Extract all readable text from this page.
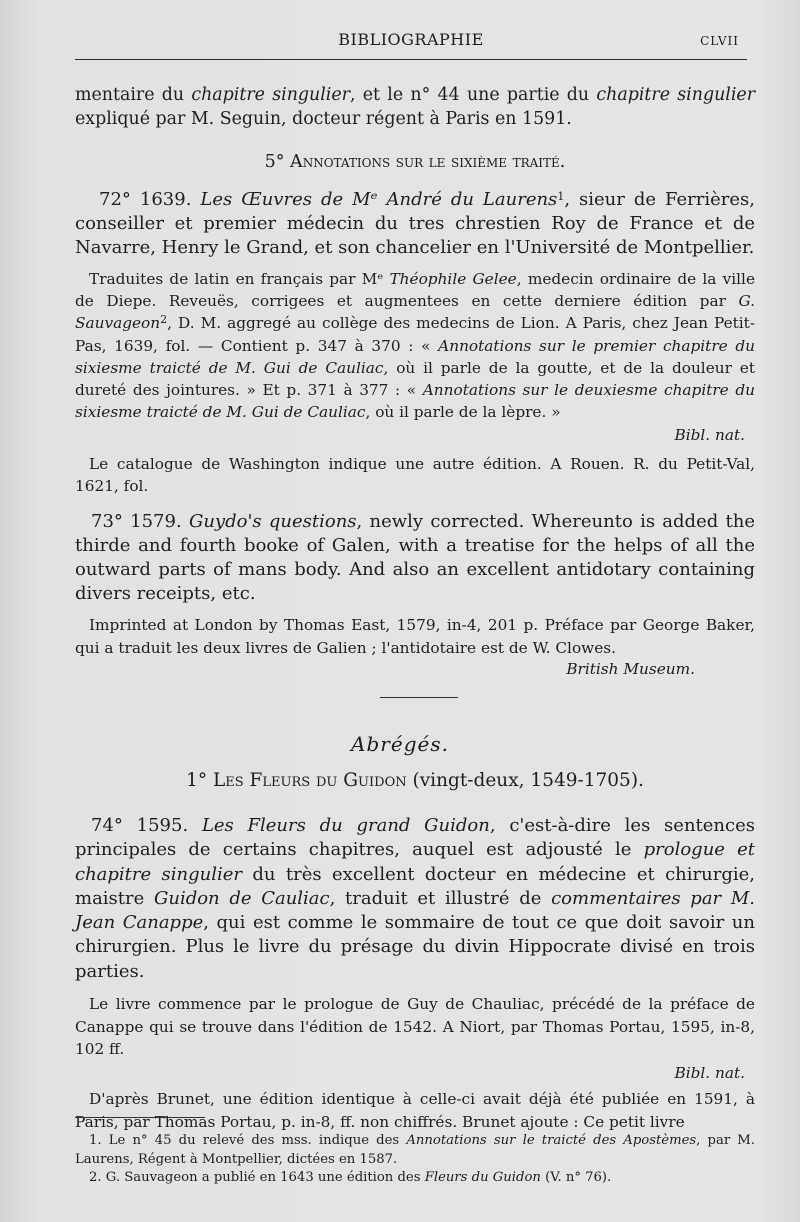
BIBLIOGRAPHIE	CLVII

mentaire du chapitre singulier, et le n° 44 une partie du chapitre singulier expliqué par M. Seguin, docteur régent à Paris en 1591.

5° Annotations sur le sixième traité.

72° 1639. Les Œuvres de Mᵉ André du Laurens$^1$, sieur de Ferrières, conseiller et premier médecin du tres chrestien Roy de France et de Navarre, Henry le Grand, et son chancelier en l'Université de Montpellier.

Traduites de latin en français par Mᵉ Théophile Gelee, medecin ordinaire de la ville de Diepe. Reveuës, corrigees et augmentees en cette derniere édition par G. Sauvageon$^2$, D. M. aggregé au collège des medecins de Lion. A Paris, chez Jean Petit-Pas, 1639, fol. — Contient p. 347 à 370 : « Annotations sur le premier chapitre du sixiesme traicté de M. Gui de Cauliac, où il parle de la goutte, et de la douleur et dureté des jointures. » Et p. 371 à 377 : « Annotations sur le deuxiesme chapitre du sixiesme traicté de M. Gui de Cauliac, où il parle de la lèpre. »

Bibl. nat.

Le catalogue de Washington indique une autre édition. A Rouen. R. du Petit-Val, 1621, fol.

73° 1579. Guydo's questions, newly corrected. Whereunto is added the thirde and fourth booke of Galen, with a treatise for the helps of all the outward parts of mans body. And also an excellent antidotary containing divers receipts, etc.

Imprinted at London by Thomas East, 1579, in-4, 201 p. Préface par George Baker, qui a traduit les deux livres de Galien ; l'antidotaire est de W. Clowes.

British Museum.

Abrégés.
1° Les Fleurs du Guidon (vingt-deux, 1549-1705).

74° 1595. Les Fleurs du grand Guidon, c'est-à-dire les sentences principales de certains chapitres, auquel est adjousté le prologue et chapitre singulier du très excellent docteur en médecine et chirurgie, maistre Guidon de Cauliac, traduit et illustré de commentaires par M. Jean Canappe, qui est comme le sommaire de tout ce que doit savoir un chirurgien. Plus le livre du présage du divin Hippocrate divisé en trois parties.

Le livre commence par le prologue de Guy de Chauliac, précédé de la préface de Canappe qui se trouve dans l'édition de 1542. A Niort, par Thomas Portau, 1595, in-8, 102 ff.

Bibl. nat.

D'après Brunet, une édition identique à celle-ci avait déjà été publiée en 1591, à Paris, par Thomas Portau, p. in-8, ff. non chiffrés. Brunet ajoute : Ce petit livre

1. Le n° 45 du relevé des mss. indique des Annotations sur le traicté des Apostèmes, par M. Laurens, Régent à Montpellier, dictées en 1587.

2. G. Sauvageon a publié en 1643 une édition des Fleurs du Guidon (V. n° 76).
